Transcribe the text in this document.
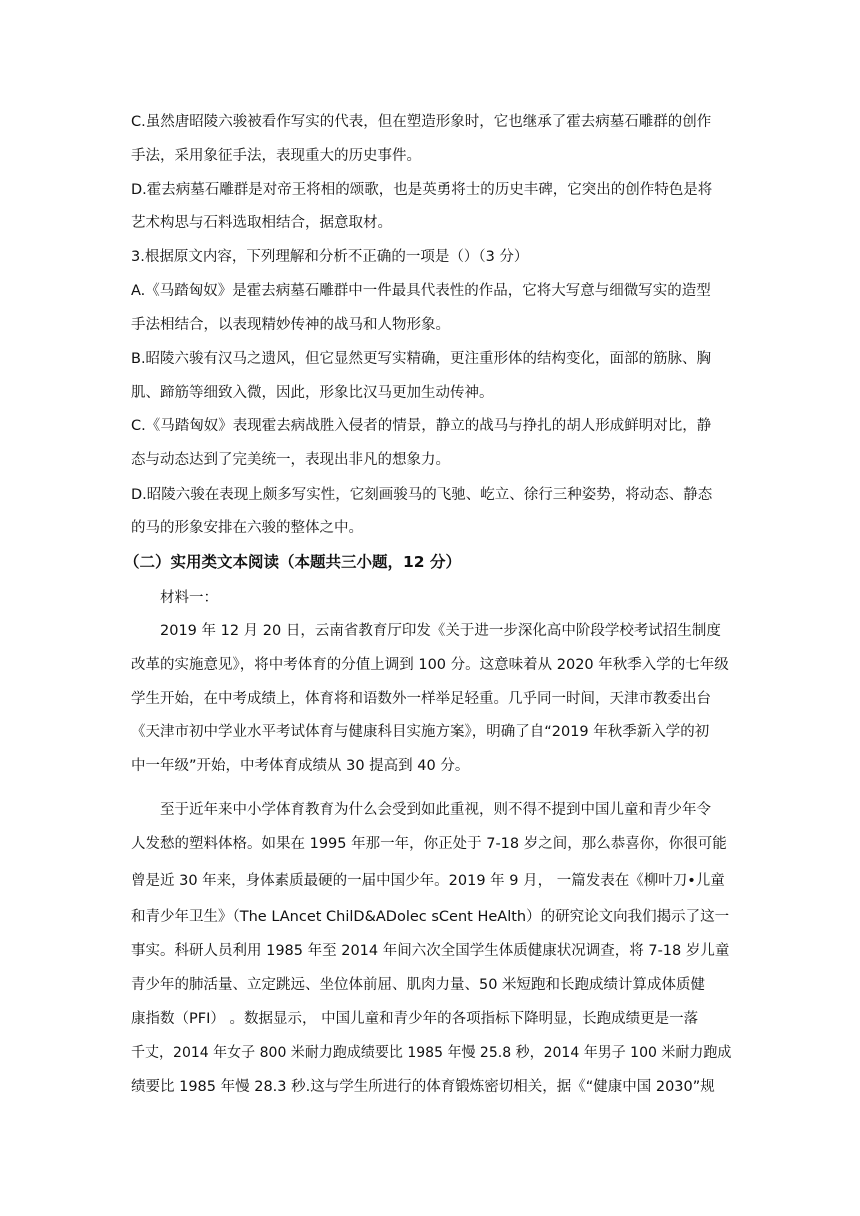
C.虽然唐昭陵六骏被看作写实的代表，但在塑造形象时，它也继承了霍去病墓石雕群的创作
手法，采用象征手法，表现重大的历史事件。
D.霍去病墓石雕群是对帝王将相的颂歌，也是英勇将士的历史丰碑，它突出的创作特色是将
艺术构思与石料选取相结合，据意取材。
3.根据原文内容，下列理解和分析不正确的一项是（）（3 分）
A.《马踏匈奴》是霍去病墓石雕群中一件最具代表性的作品，它将大写意与细微写实的造型
手法相结合，以表现精妙传神的战马和人物形象。
B.昭陵六骏有汉马之遗风，但它显然更写实精确，更注重形体的结构变化，面部的筋脉、胸
肌、蹄筋等细致入微，因此，形象比汉马更加生动传神。
C.《马踏匈奴》表现霍去病战胜入侵者的情景，静立的战马与挣扎的胡人形成鲜明对比，静
态与动态达到了完美统一，表现出非凡的想象力。
D.昭陵六骏在表现上颇多写实性，它刻画骏马的飞驰、屹立、徐行三种姿势，将动态、静态
的马的形象安排在六骏的整体之中。
（二）实用类文本阅读（本题共三小题，12 分）
材料一：
2019 年 12 月 20 日，云南省教育厅印发《关于进一步深化高中阶段学校考试招生制度
改革的实施意见》，将中考体育的分值上调到 100 分。这意味着从 2020 年秋季入学的七年级
学生开始，在中考成绩上，体育将和语数外一样举足轻重。几乎同一时间，天津市教委出台
《天津市初中学业水平考试体育与健康科目实施方案》，明确了自“2019 年秋季新入学的初
中一年级”开始，中考体育成绩从 30 提高到 40 分。
至于近年来中小学体育教育为什么会受到如此重视，则不得不提到中国儿童和青少年令
人发愁的塑料体格。如果在 1995 年那一年，你正处于 7-18 岁之间，那么恭喜你，你很可能
曾是近 30 年来，身体素质最硬的一届中国少年。2019 年 9 月， 一篇发表在《柳叶刀•儿童
和青少年卫生》（The LAncet ChilD&ADolec sCent HeAlth）的研究论文向我们揭示了这一
事实。科研人员利用 1985 年至 2014 年间六次全国学生体质健康状况调查，将 7-18 岁儿童
青少年的肺活量、立定跳远、坐位体前屈、肌肉力量、50 米短跑和长跑成绩计算成体质健
康指数（PFI） 。数据显示， 中国儿童和青少年的各项指标下降明显，长跑成绩更是一落
千丈，2014 年女子 800 米耐力跑成绩要比 1985 年慢 25.8 秒，2014 年男子 100 米耐力跑成
绩要比 1985 年慢 28.3 秒.这与学生所进行的体育锻炼密切相关，据《“健康中国 2030”规
